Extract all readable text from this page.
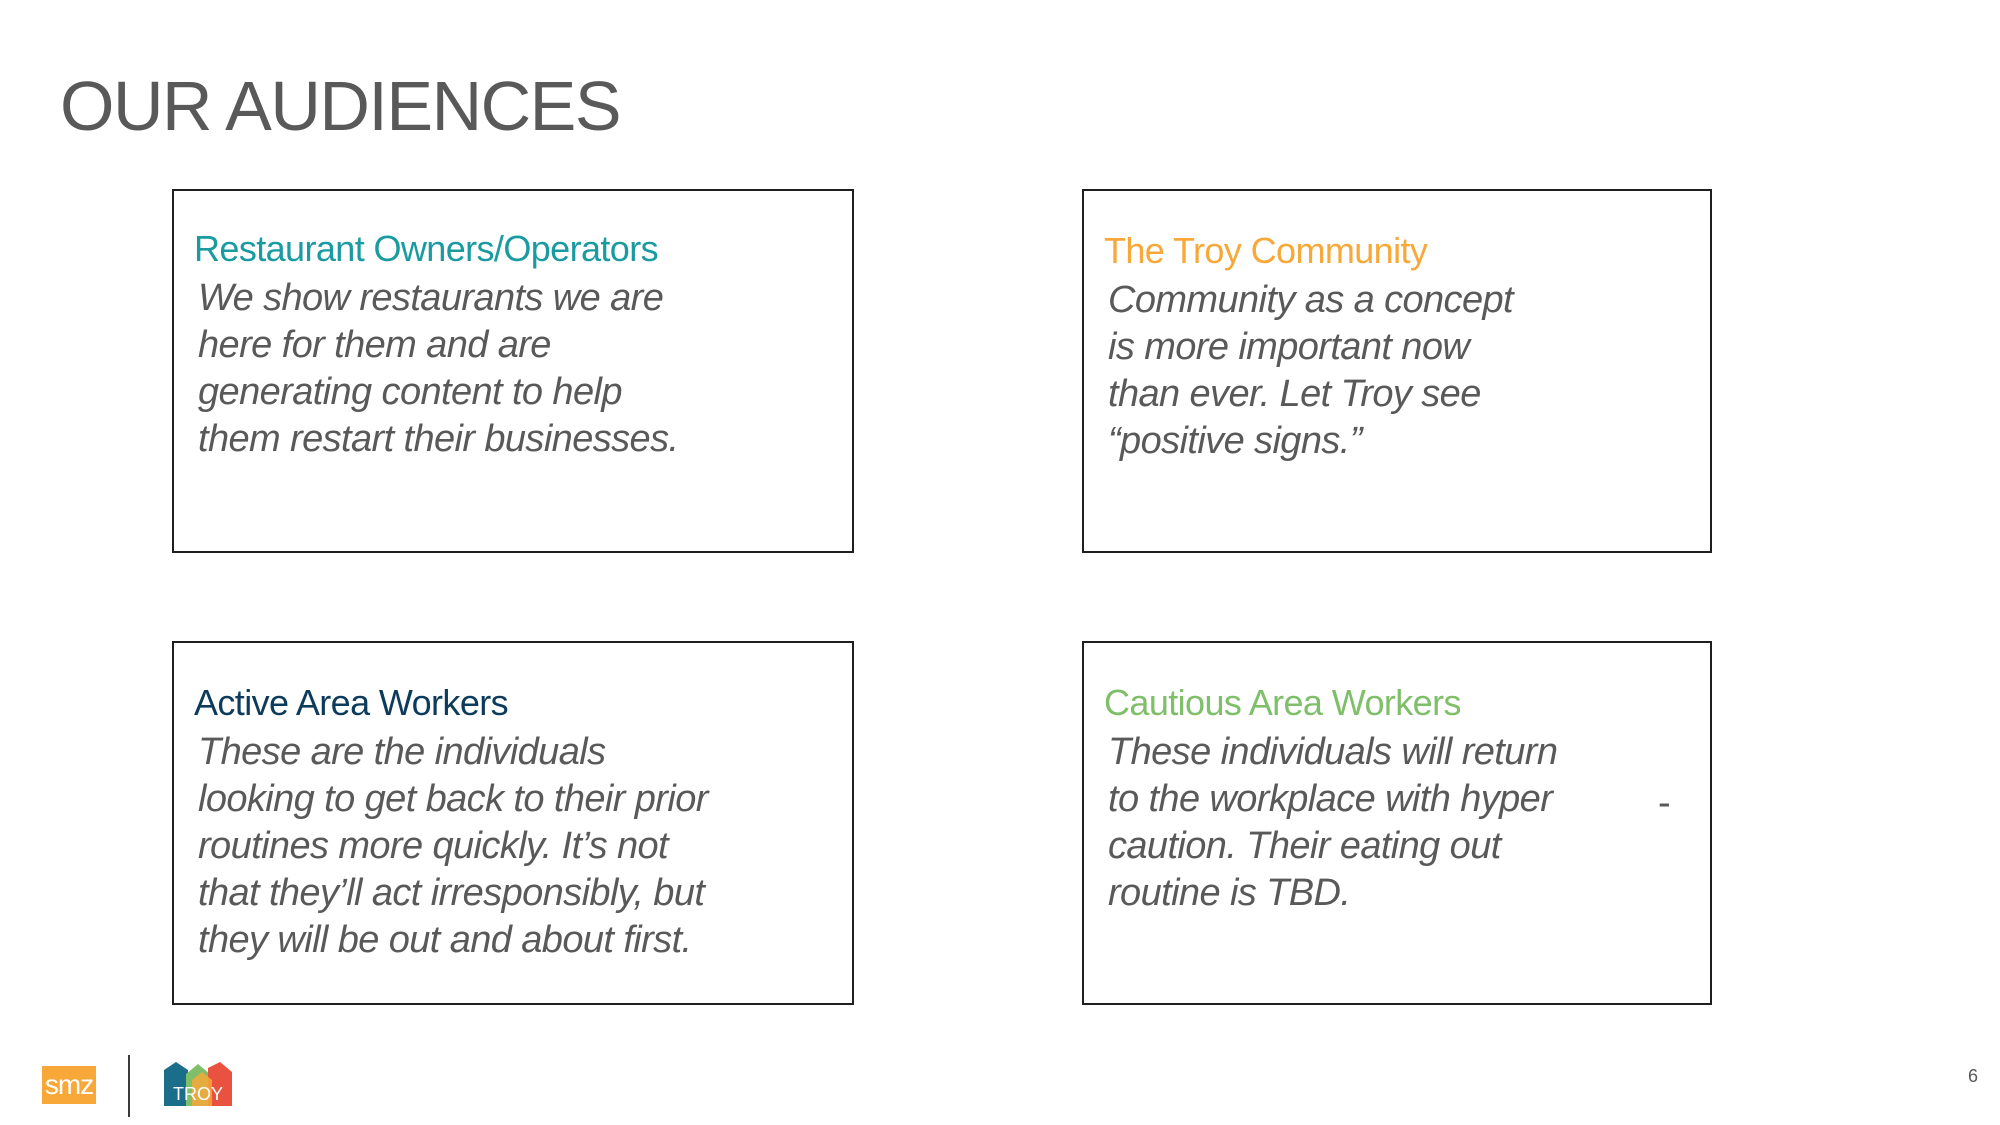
OUR AUDIENCES
Restaurant Owners/Operators
We show restaurants we are
here for them and are
generating content to help
them restart their businesses.
The Troy Community
Community as a concept
is more important now
than ever. Let Troy see
“positive signs.”
Active Area Workers
These are the individuals
looking to get back to their prior
routines more quickly. It’s not
that they’ll act irresponsibly, but
they will be out and about first.
Cautious Area Workers
These individuals will return
to the workplace with hyper
caution. Their eating out
routine is TBD.
-
smz	TROY
6
